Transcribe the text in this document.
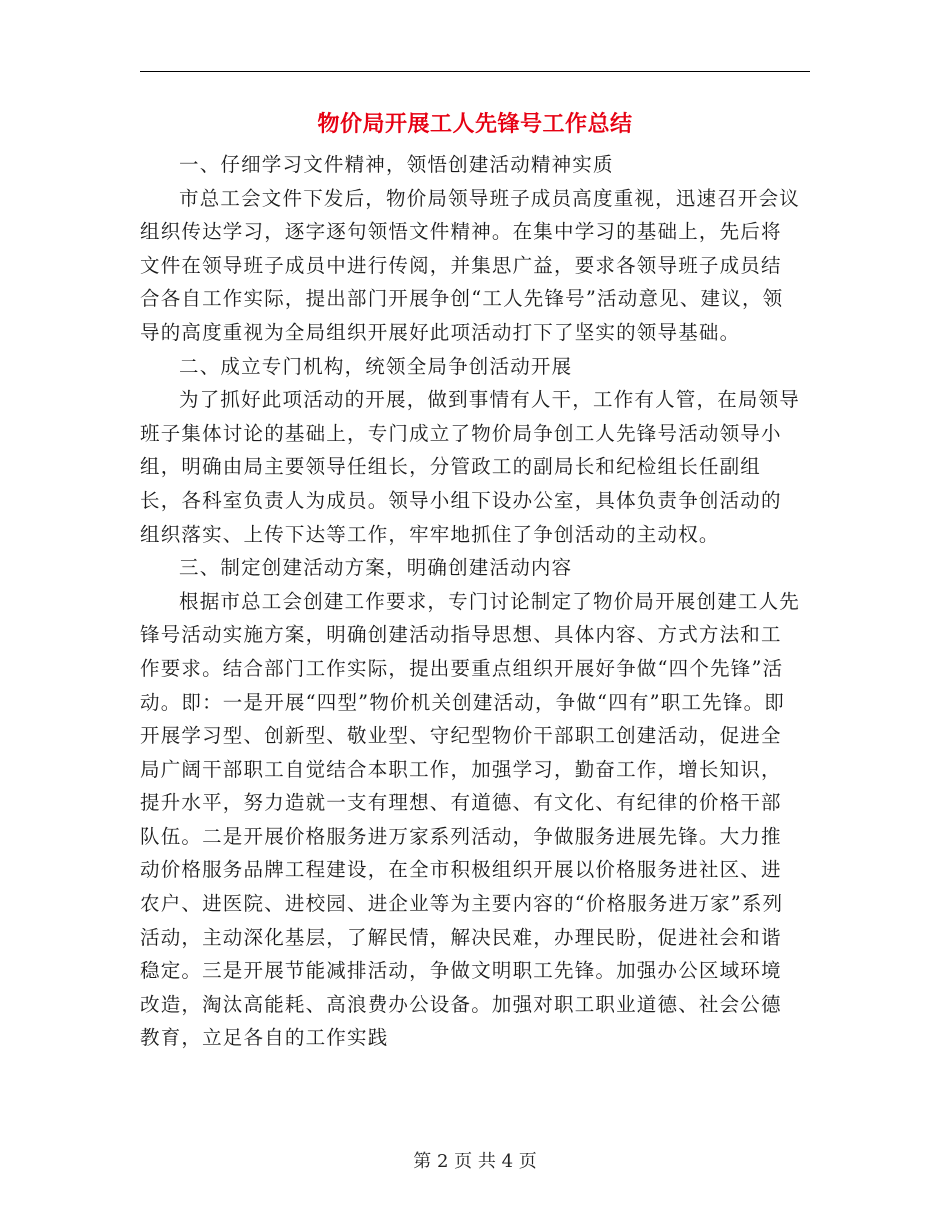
物价局开展工人先锋号工作总结

一、仔细学习文件精神，领悟创建活动精神实质

市总工会文件下发后，物价局领导班子成员高度重视，迅速召开会议组织传达学习，逐字逐句领悟文件精神。在集中学习的基础上，先后将文件在领导班子成员中进行传阅，并集思广益，要求各领导班子成员结合各自工作实际，提出部门开展争创“工人先锋号”活动意见、建议，领导的高度重视为全局组织开展好此项活动打下了坚实的领导基础。

二、成立专门机构，统领全局争创活动开展

为了抓好此项活动的开展，做到事情有人干，工作有人管，在局领导班子集体讨论的基础上，专门成立了物价局争创工人先锋号活动领导小组，明确由局主要领导任组长，分管政工的副局长和纪检组长任副组长，各科室负责人为成员。领导小组下设办公室，具体负责争创活动的组织落实、上传下达等工作，牢牢地抓住了争创活动的主动权。

三、制定创建活动方案，明确创建活动内容

根据市总工会创建工作要求，专门讨论制定了物价局开展创建工人先锋号活动实施方案，明确创建活动指导思想、具体内容、方式方法和工作要求。结合部门工作实际，提出要重点组织开展好争做“四个先锋”活动。即：一是开展“四型”物价机关创建活动，争做“四有”职工先锋。即开展学习型、创新型、敬业型、守纪型物价干部职工创建活动，促进全局广阔干部职工自觉结合本职工作，加强学习，勤奋工作，增长知识，提升水平，努力造就一支有理想、有道德、有文化、有纪律的价格干部队伍。二是开展价格服务进万家系列活动，争做服务进展先锋。大力推动价格服务品牌工程建设，在全市积极组织开展以价格服务进社区、进农户、进医院、进校园、进企业等为主要内容的“价格服务进万家”系列活动，主动深化基层，了解民情，解决民难，办理民盼，促进社会和谐稳定。三是开展节能减排活动，争做文明职工先锋。加强办公区域环境改造，淘汰高能耗、高浪费办公设备。加强对职工职业道德、社会公德教育，立足各自的工作实践

第 2 页 共 4 页
